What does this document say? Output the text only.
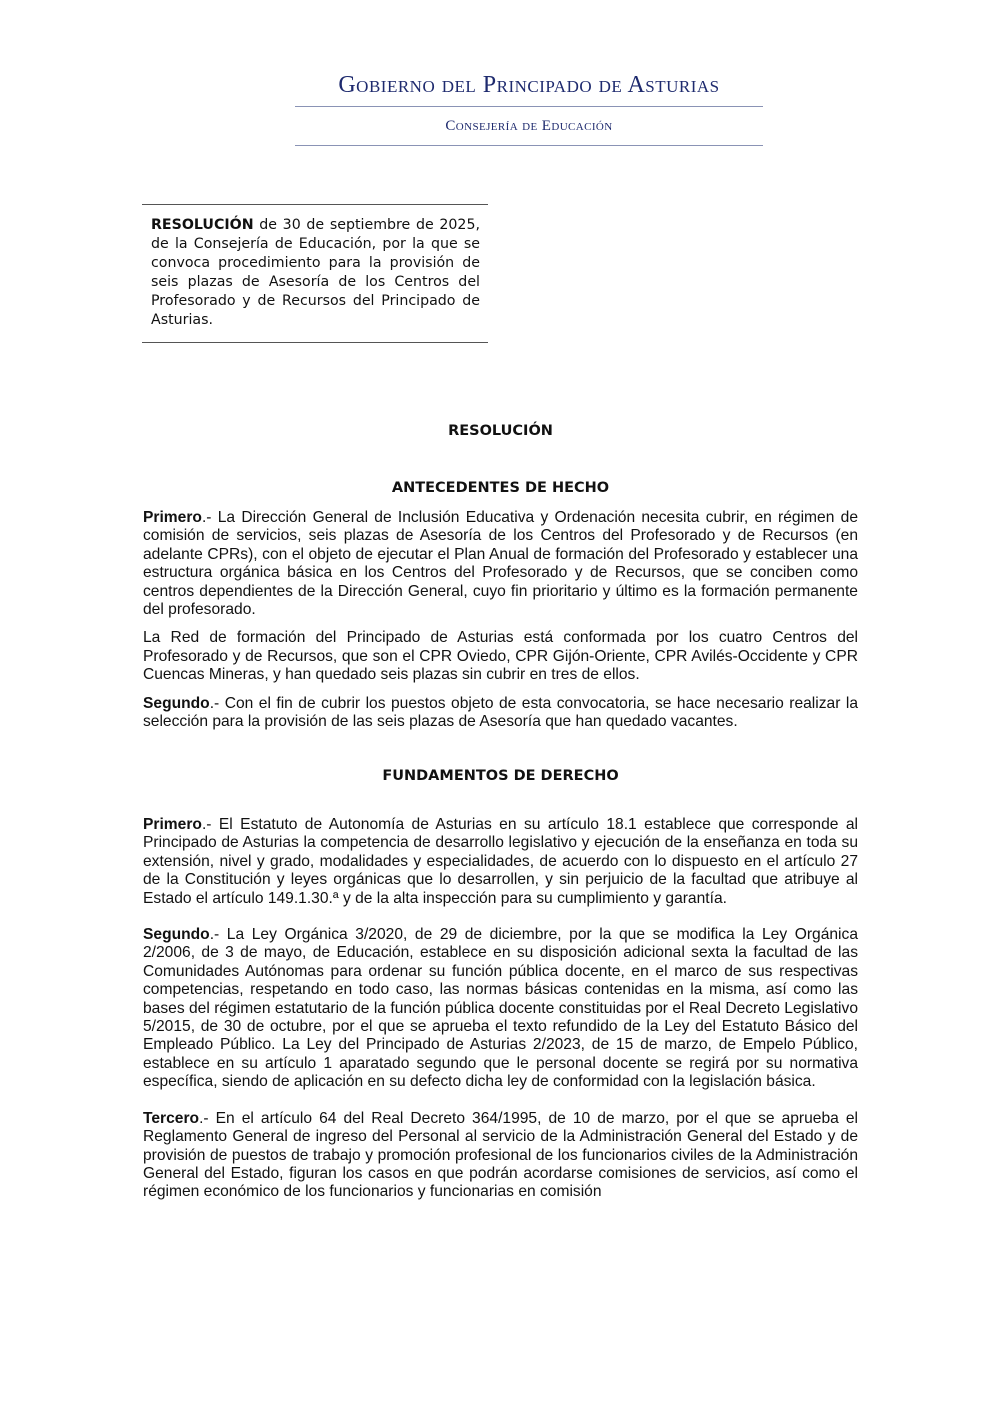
Gobierno del Principado de Asturias
Consejería de Educación

RESOLUCIÓN de 30 de septiembre de 2025, de la Consejería de Educación, por la que se convoca procedimiento para la provisión de seis plazas de Asesoría de los Centros del Profesorado y de Recursos del Principado de Asturias.

RESOLUCIÓN
ANTECEDENTES DE HECHO

Primero.- La Dirección General de Inclusión Educativa y Ordenación necesita cubrir, en régimen de comisión de servicios, seis plazas de Asesoría de los Centros del Profesorado y de Recursos (en adelante CPRs), con el objeto de ejecutar el Plan Anual de formación del Profesorado y establecer una estructura orgánica básica en los Centros del Profesorado y de Recursos, que se conciben como centros dependientes de la Dirección General, cuyo fin prioritario y último es la formación permanente del profesorado.

La Red de formación del Principado de Asturias está conformada por los cuatro Centros del Profesorado y de Recursos, que son el CPR Oviedo, CPR Gijón-Oriente, CPR Avilés-Occidente y CPR Cuencas Mineras, y han quedado seis plazas sin cubrir en tres de ellos.

Segundo.- Con el fin de cubrir los puestos objeto de esta convocatoria, se hace necesario realizar la selección para la provisión de las seis plazas de Asesoría que han quedado vacantes.

FUNDAMENTOS DE DERECHO

Primero.- El Estatuto de Autonomía de Asturias en su artículo 18.1 establece que corresponde al Principado de Asturias la competencia de desarrollo legislativo y ejecución de la enseñanza en toda su extensión, nivel y grado, modalidades y especialidades, de acuerdo con lo dispuesto en el artículo 27 de la Constitución y leyes orgánicas que lo desarrollen, y sin perjuicio de la facultad que atribuye al Estado el artículo 149.1.30.ª y de la alta inspección para su cumplimiento y garantía.

Segundo.- La Ley Orgánica 3/2020, de 29 de diciembre, por la que se modifica la Ley Orgánica 2/2006, de 3 de mayo, de Educación, establece en su disposición adicional sexta la facultad de las Comunidades Autónomas para ordenar su función pública docente, en el marco de sus respectivas competencias, respetando en todo caso, las normas básicas contenidas en la misma, así como las bases del régimen estatutario de la función pública docente constituidas por el Real Decreto Legislativo 5/2015, de 30 de octubre, por el que se aprueba el texto refundido de la Ley del Estatuto Básico del Empleado Público. La Ley del Principado de Asturias 2/2023, de 15 de marzo, de Empelo Público, establece en su artículo 1 aparatado segundo que le personal docente se regirá por su normativa específica, siendo de aplicación en su defecto dicha ley de conformidad con la legislación básica.

Tercero.- En el artículo 64 del Real Decreto 364/1995, de 10 de marzo, por el que se aprueba el Reglamento General de ingreso del Personal al servicio de la Administración General del Estado y de provisión de puestos de trabajo y promoción profesional de los funcionarios civiles de la Administración General del Estado, figuran los casos en que podrán acordarse comisiones de servicios, así como el régimen económico de los funcionarios y funcionarias en comisión
